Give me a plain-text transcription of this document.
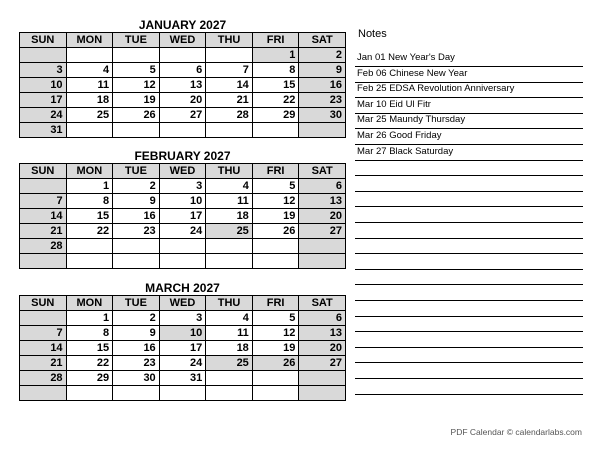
JANUARY 2027
SUN	MON	TUE	WED	THU	FRI	SAT
					1	2
3	4	5	6	7	8	9
10	11	12	13	14	15	16
17	18	19	20	21	22	23
24	25	26	27	28	29	30
31						
FEBRUARY 2027
SUN	MON	TUE	WED	THU	FRI	SAT
	1	2	3	4	5	6
7	8	9	10	11	12	13
14	15	16	17	18	19	20
21	22	23	24	25	26	27
28						

MARCH 2027
SUN	MON	TUE	WED	THU	FRI	SAT
	1	2	3	4	5	6
7	8	9	10	11	12	13
14	15	16	17	18	19	20
21	22	23	24	25	26	27
28	29	30	31			

Notes
Jan 01 New Year's Day
Feb 06 Chinese New Year
Feb 25 EDSA Revolution Anniversary
Mar 10 Eid Ul Fitr
Mar 25 Maundy Thursday
Mar 26 Good Friday
Mar 27 Black Saturday
PDF Calendar © calendarlabs.com
